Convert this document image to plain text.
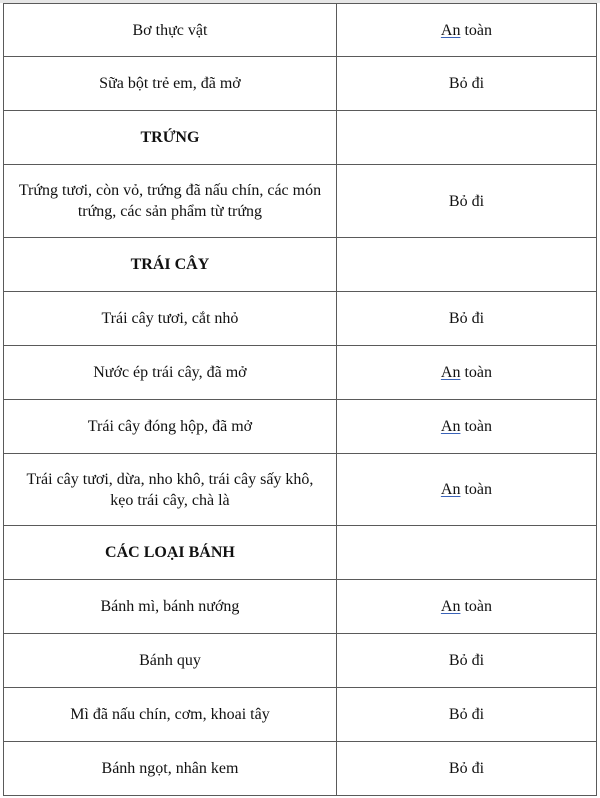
Bơ thực vật	An toàn
Sữa bột trẻ em, đã mở	Bỏ đi
TRỨNG	
Trứng tươi, còn vỏ, trứng đã nấu chín, các món trứng, các sản phẩm từ trứng	Bỏ đi
TRÁI CÂY	
Trái cây tươi, cắt nhỏ	Bỏ đi
Nước ép trái cây, đã mở	An toàn
Trái cây đóng hộp, đã mở	An toàn
Trái cây tươi, dừa, nho khô, trái cây sấy khô, kẹo trái cây, chà là	An toàn
CÁC LOẠI BÁNH	
Bánh mì, bánh nướng	An toàn
Bánh quy	Bỏ đi
Mì đã nấu chín, cơm, khoai tây	Bỏ đi
Bánh ngọt, nhân kem	Bỏ đi
